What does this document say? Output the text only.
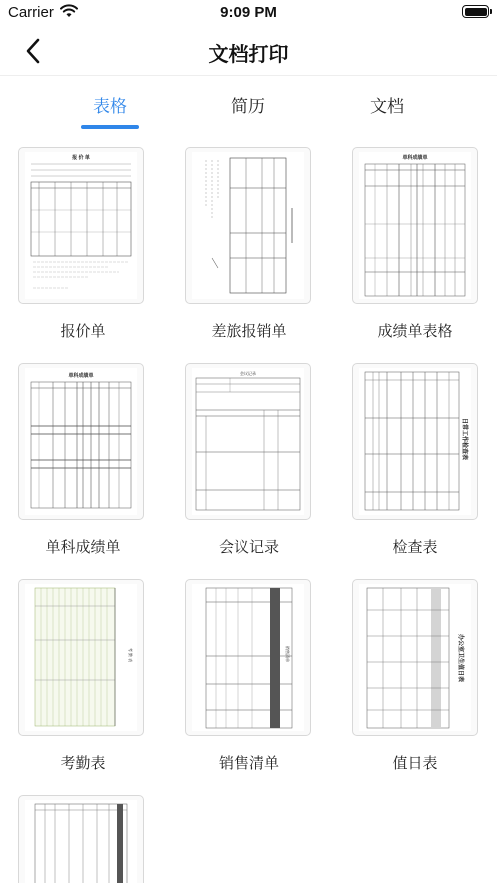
Carrier	9:09 PM
文档打印
表格	简历	文档
报 价 单
报价单	差旅报销单
单科成绩单
成绩单表格
单科成绩单
单科成绩单
会议记录
会议记录
日常工作检查表
检查表
考 勤 表
考勤表
销售清单
销售清单
办公室卫生值日表
值日表
